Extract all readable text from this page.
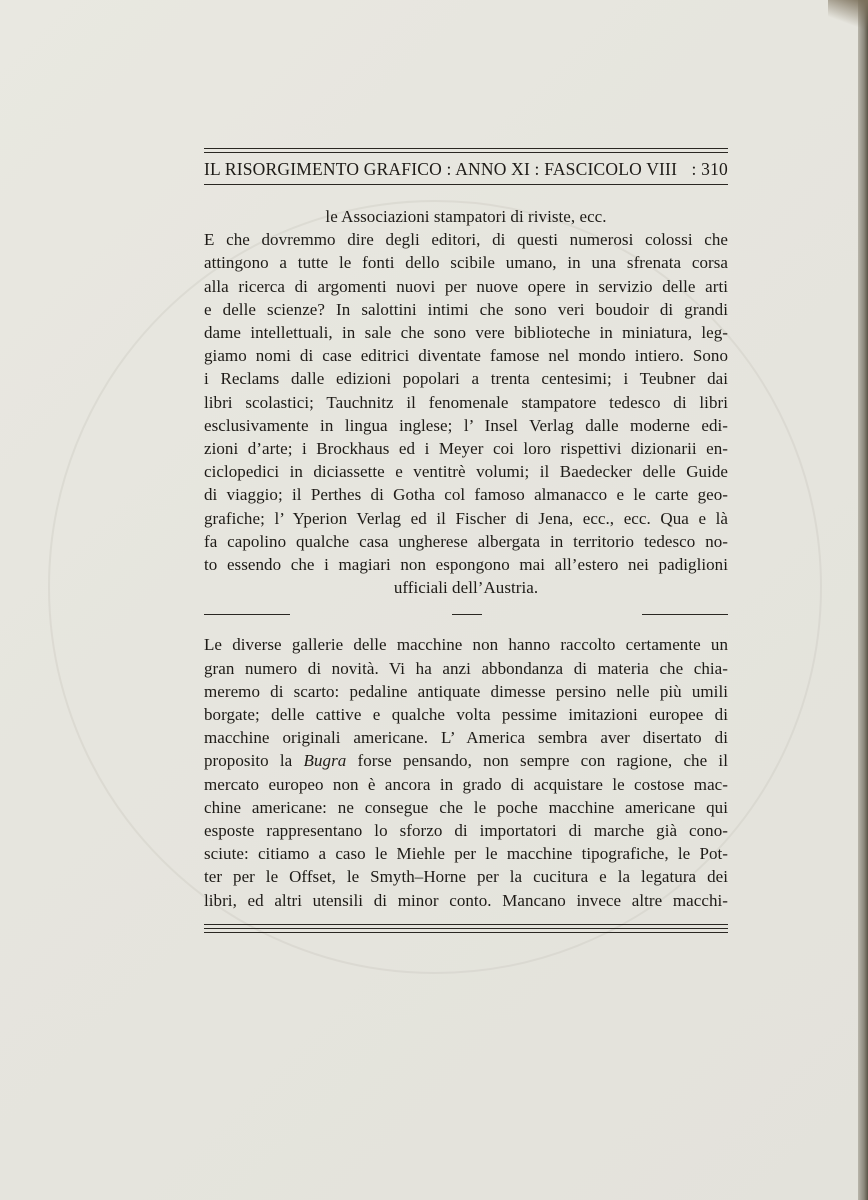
IL RISORGIMENTO GRAFICO : ANNO XI : FASCICOLO VIII : 310
le Associazioni stampatori di riviste, ecc.
E che dovremmo dire degli editori, di questi numerosi colossi che
attingono a tutte le fonti dello scibile umano, in una sfrenata corsa
alla ricerca di argomenti nuovi per nuove opere in servizio delle arti
e delle scienze? In salottini intimi che sono veri boudoir di grandi
dame intellettuali, in sale che sono vere biblioteche in miniatura, leg-
giamo nomi di case editrici diventate famose nel mondo intiero. Sono
i Reclams dalle edizioni popolari a trenta centesimi; i Teubner dai
libri scolastici; Tauchnitz il fenomenale stampatore tedesco di libri
esclusivamente in lingua inglese; l’ Insel Verlag dalle moderne edi-
zioni d’arte; i Brockhaus ed i Meyer coi loro rispettivi dizionarii en-
ciclopedici in diciassette e ventitrè volumi; il Baedecker delle Guide
di viaggio; il Perthes di Gotha col famoso almanacco e le carte geo-
grafiche; l’ Yperion Verlag ed il Fischer di Jena, ecc., ecc. Qua e là
fa capolino qualche casa ungherese albergata in territorio tedesco no-
to essendo che i magiari non espongono mai all’estero nei padiglioni
ufficiali dell’Austria.
Le diverse gallerie delle macchine non hanno raccolto certamente un
gran numero di novità. Vi ha anzi abbondanza di materia che chia-
meremo di scarto: pedaline antiquate dimesse persino nelle più umili
borgate; delle cattive e qualche volta pessime imitazioni europee di
macchine originali americane. L’ America sembra aver disertato di
proposito la Bugra forse pensando, non sempre con ragione, che il
mercato europeo non è ancora in grado di acquistare le costose mac-
chine americane: ne consegue che le poche macchine americane qui
esposte rappresentano lo sforzo di importatori di marche già cono-
sciute: citiamo a caso le Miehle per le macchine tipografiche, le Pot-
ter per le Offset, le Smyth–Horne per la cucitura e la legatura dei
libri, ed altri utensili di minor conto. Mancano invece altre macchi-
